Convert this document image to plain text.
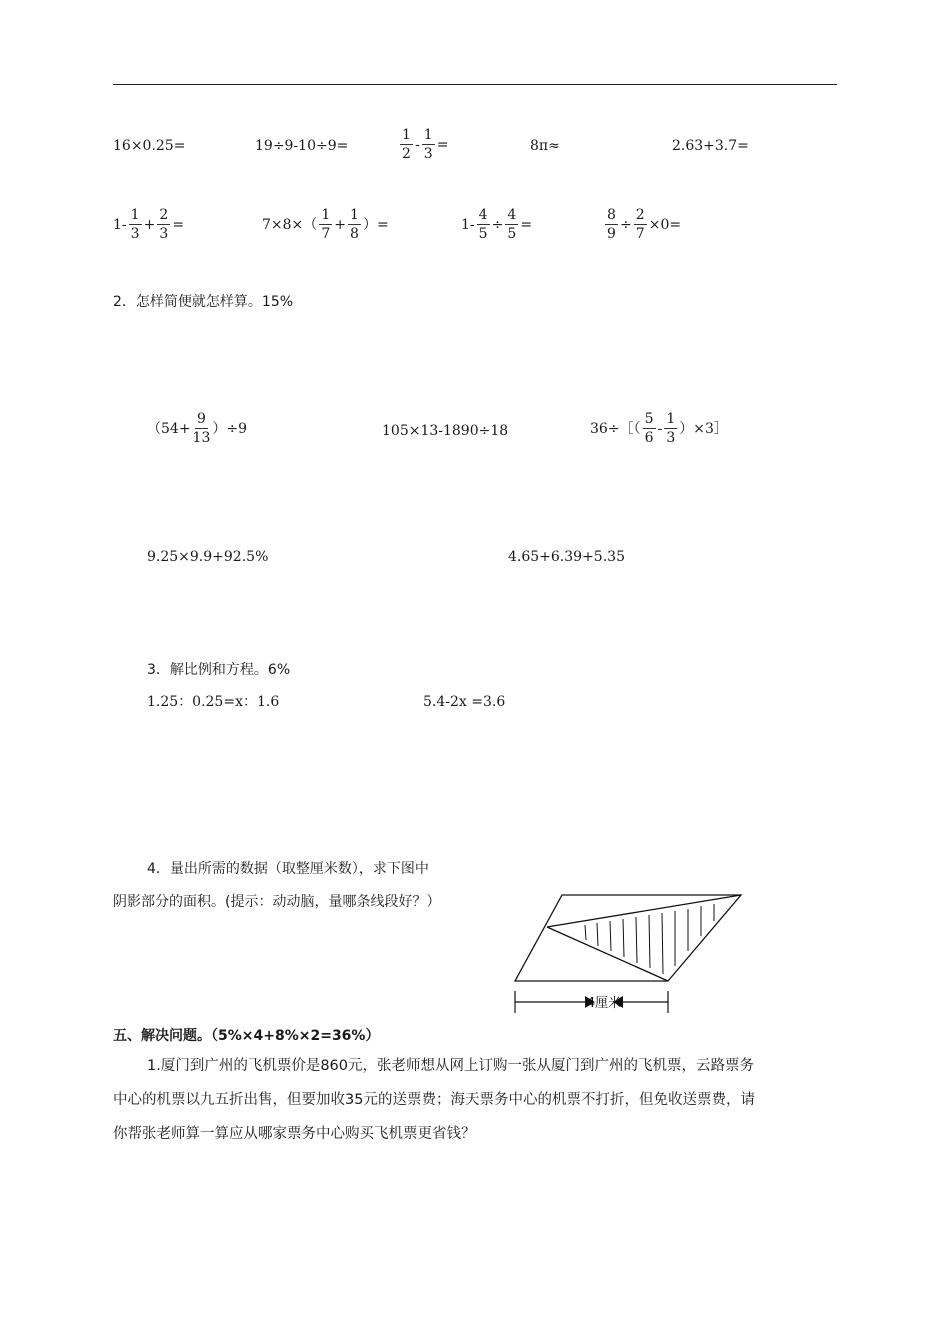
16×0.25=	19÷9-10÷9=	$\frac{1}{2} - \frac{1}{3}$ =	8π≈	2.63+3.7=
$1- \frac{1}{3} + \frac{2}{3}$ =	$7\times 8\times( \frac{1}{7} + \frac{1}{8}$ ）=	$1- \frac{4}{5} \div \frac{4}{5}$ =	$\frac{8}{9} \div \frac{2}{7} \times 0=$
2．怎样简便就怎样算。15%
$(54+ \frac{9}{13} )\div 9$	105×13-1890÷18	36÷［（ $\frac{5}{6} - \frac{1}{3}$ ）×3］
9.25×9.9+92.5%	4.65+6.39+5.35
3．解比例和方程。6%
1.25：0.25=x：1.6	5.4-2x =3.6
4．量出所需的数据（取整厘米数），求下图中
阴影部分的面积。(提示：动动脑，量哪条线段好？）
4厘米
五、解决问题。（5%×4+8%×2=36%）
1.厦门到广州的飞机票价是860元，张老师想从网上订购一张从厦门到广州的飞机票，云路票务
中心的机票以九五折出售，但要加收35元的送票费；海天票务中心的机票不打折，但免收送票费，请
你帮张老师算一算应从哪家票务中心购买飞机票更省钱？
